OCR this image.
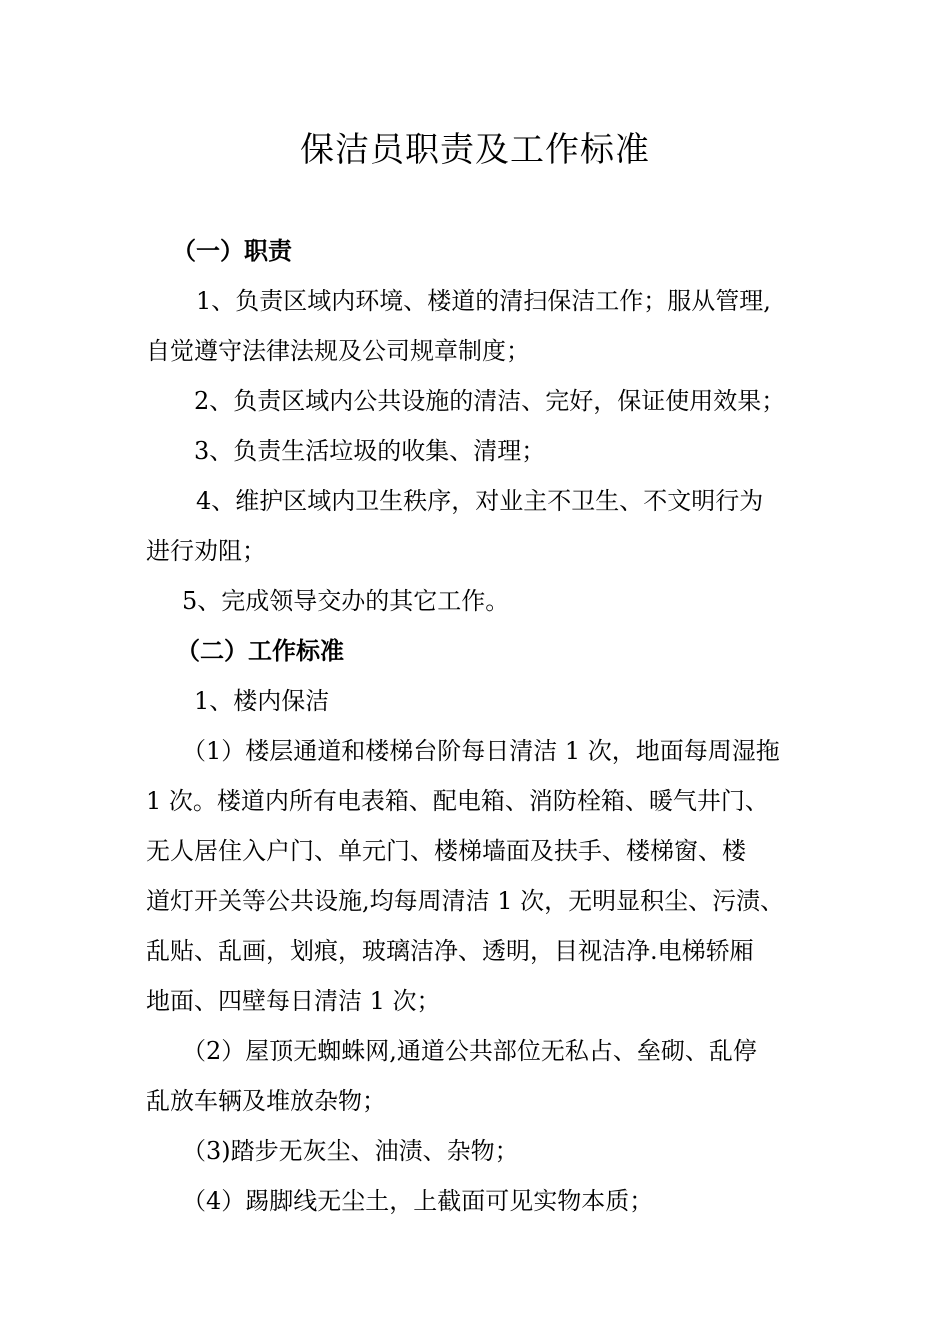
保洁员职责及工作标准
（一）职责
1、负责区域内环境、楼道的清扫保洁工作；服从管理,
自觉遵守法律法规及公司规章制度；
2、负责区域内公共设施的清洁、完好，保证使用效果；
3、负责生活垃圾的收集、清理；
4、维护区域内卫生秩序，对业主不卫生、不文明行为
进行劝阻；
5、完成领导交办的其它工作。
（二）工作标准
1、楼内保洁
（1）楼层通道和楼梯台阶每日清洁 1 次，地面每周湿拖
1 次。楼道内所有电表箱、配电箱、消防栓箱、暖气井门、
无人居住入户门、单元门、楼梯墙面及扶手、楼梯窗、楼
道灯开关等公共设施,均每周清洁 1 次，无明显积尘、污渍、
乱贴、乱画，划痕，玻璃洁净、透明，目视洁净.电梯轿厢
地面、四壁每日清洁 1 次；
（2）屋顶无蜘蛛网,通道公共部位无私占、垒砌、乱停
乱放车辆及堆放杂物；
（3)踏步无灰尘、油渍、杂物；
（4）踢脚线无尘土，上截面可见实物本质；
